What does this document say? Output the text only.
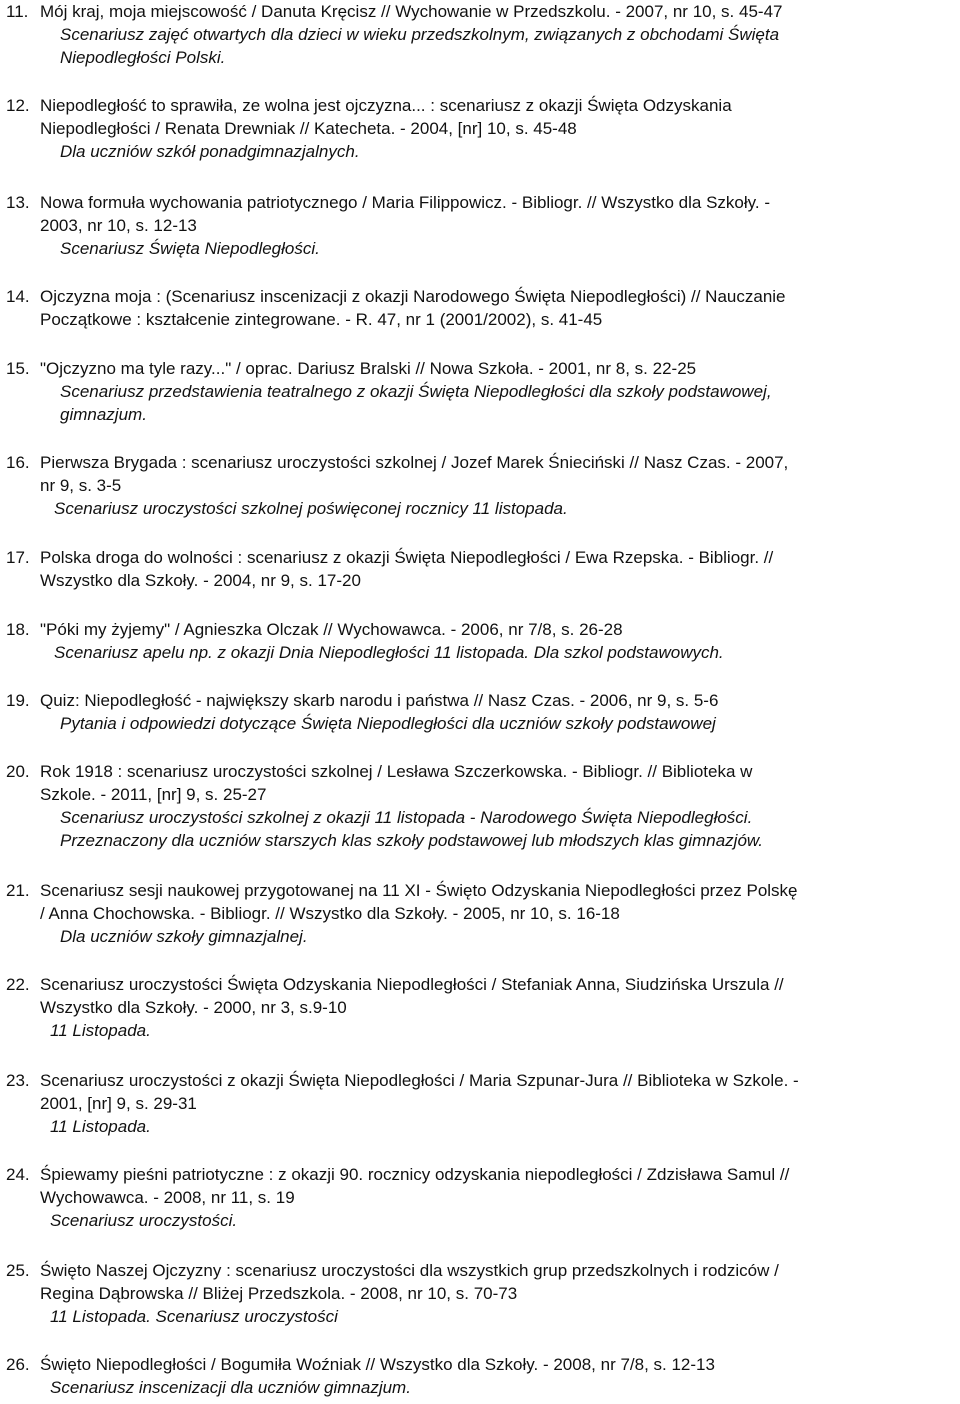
11. Mój kraj, moja miejscowość / Danuta Kręcisz // Wychowanie w Przedszkolu. - 2007, nr 10, s. 45-47
Scenariusz zajęć otwartych dla dzieci w wieku przedszkolnym, związanych z obchodami Święta
Niepodległości Polski.
12. Niepodległość to sprawiła, ze wolna jest ojczyzna... : scenariusz z okazji Święta Odzyskania
Niepodległości / Renata Drewniak // Katecheta. - 2004, [nr] 10, s. 45-48
Dla uczniów szkół ponadgimnazjalnych.
13. Nowa formuła wychowania patriotycznego / Maria Filippowicz. - Bibliogr. // Wszystko dla Szkoły. -
2003, nr 10, s. 12-13
Scenariusz Święta Niepodległości.
14. Ojczyzna moja : (Scenariusz inscenizacji z okazji Narodowego Święta Niepodległości) // Nauczanie
Początkowe : kształcenie zintegrowane. - R. 47, nr 1 (2001/2002), s. 41-45
15. "Ojczyzno ma tyle razy..." / oprac. Dariusz Bralski // Nowa Szkoła. - 2001, nr 8, s. 22-25
Scenariusz przedstawienia teatralnego z okazji Święta Niepodległości dla szkoły podstawowej,
gimnazjum.
16. Pierwsza Brygada : scenariusz uroczystości szkolnej / Jozef Marek Śnieciński // Nasz Czas. - 2007,
nr 9, s. 3-5
Scenariusz uroczystości szkolnej poświęconej rocznicy 11 listopada.
17. Polska droga do wolności : scenariusz z okazji Święta Niepodległości / Ewa Rzepska. - Bibliogr. //
Wszystko dla Szkoły. - 2004, nr 9, s. 17-20
18. "Póki my żyjemy" / Agnieszka Olczak // Wychowawca. - 2006, nr 7/8, s. 26-28
Scenariusz apelu np. z okazji Dnia Niepodległości 11 listopada. Dla szkol podstawowych.
19. Quiz: Niepodległość - największy skarb narodu i państwa // Nasz Czas. - 2006, nr 9, s. 5-6
Pytania i odpowiedzi dotyczące Święta Niepodległości dla uczniów szkoły podstawowej
20. Rok 1918 : scenariusz uroczystości szkolnej / Lesława Szczerkowska. - Bibliogr. // Biblioteka w
Szkole. - 2011, [nr] 9, s. 25-27
Scenariusz uroczystości szkolnej z okazji 11 listopada - Narodowego Święta Niepodległości.
Przeznaczony dla uczniów starszych klas szkoły podstawowej lub młodszych klas gimnazjów.
21. Scenariusz sesji naukowej przygotowanej na 11 XI - Święto Odzyskania Niepodległości przez Polskę
/ Anna Chochowska. - Bibliogr. // Wszystko dla Szkoły. - 2005, nr 10, s. 16-18
Dla uczniów szkoły gimnazjalnej.
22. Scenariusz uroczystości Święta Odzyskania Niepodległości / Stefaniak Anna, Siudzińska Urszula //
Wszystko dla Szkoły. - 2000, nr 3, s.9-10
11 Listopada.
23. Scenariusz uroczystości z okazji Święta Niepodległości / Maria Szpunar-Jura // Biblioteka w Szkole. -
2001, [nr] 9, s. 29-31
11 Listopada.
24. Śpiewamy pieśni patriotyczne : z okazji 90. rocznicy odzyskania niepodległości / Zdzisława Samul //
Wychowawca. - 2008, nr 11, s. 19
Scenariusz uroczystości.
25. Święto Naszej Ojczyzny : scenariusz uroczystości dla wszystkich grup przedszkolnych i rodziców /
Regina Dąbrowska // Bliżej Przedszkola. - 2008, nr 10, s. 70-73
11 Listopada. Scenariusz uroczystości
26. Święto Niepodległości / Bogumiła Woźniak // Wszystko dla Szkoły. - 2008, nr 7/8, s. 12-13
Scenariusz inscenizacji dla uczniów gimnazjum.
